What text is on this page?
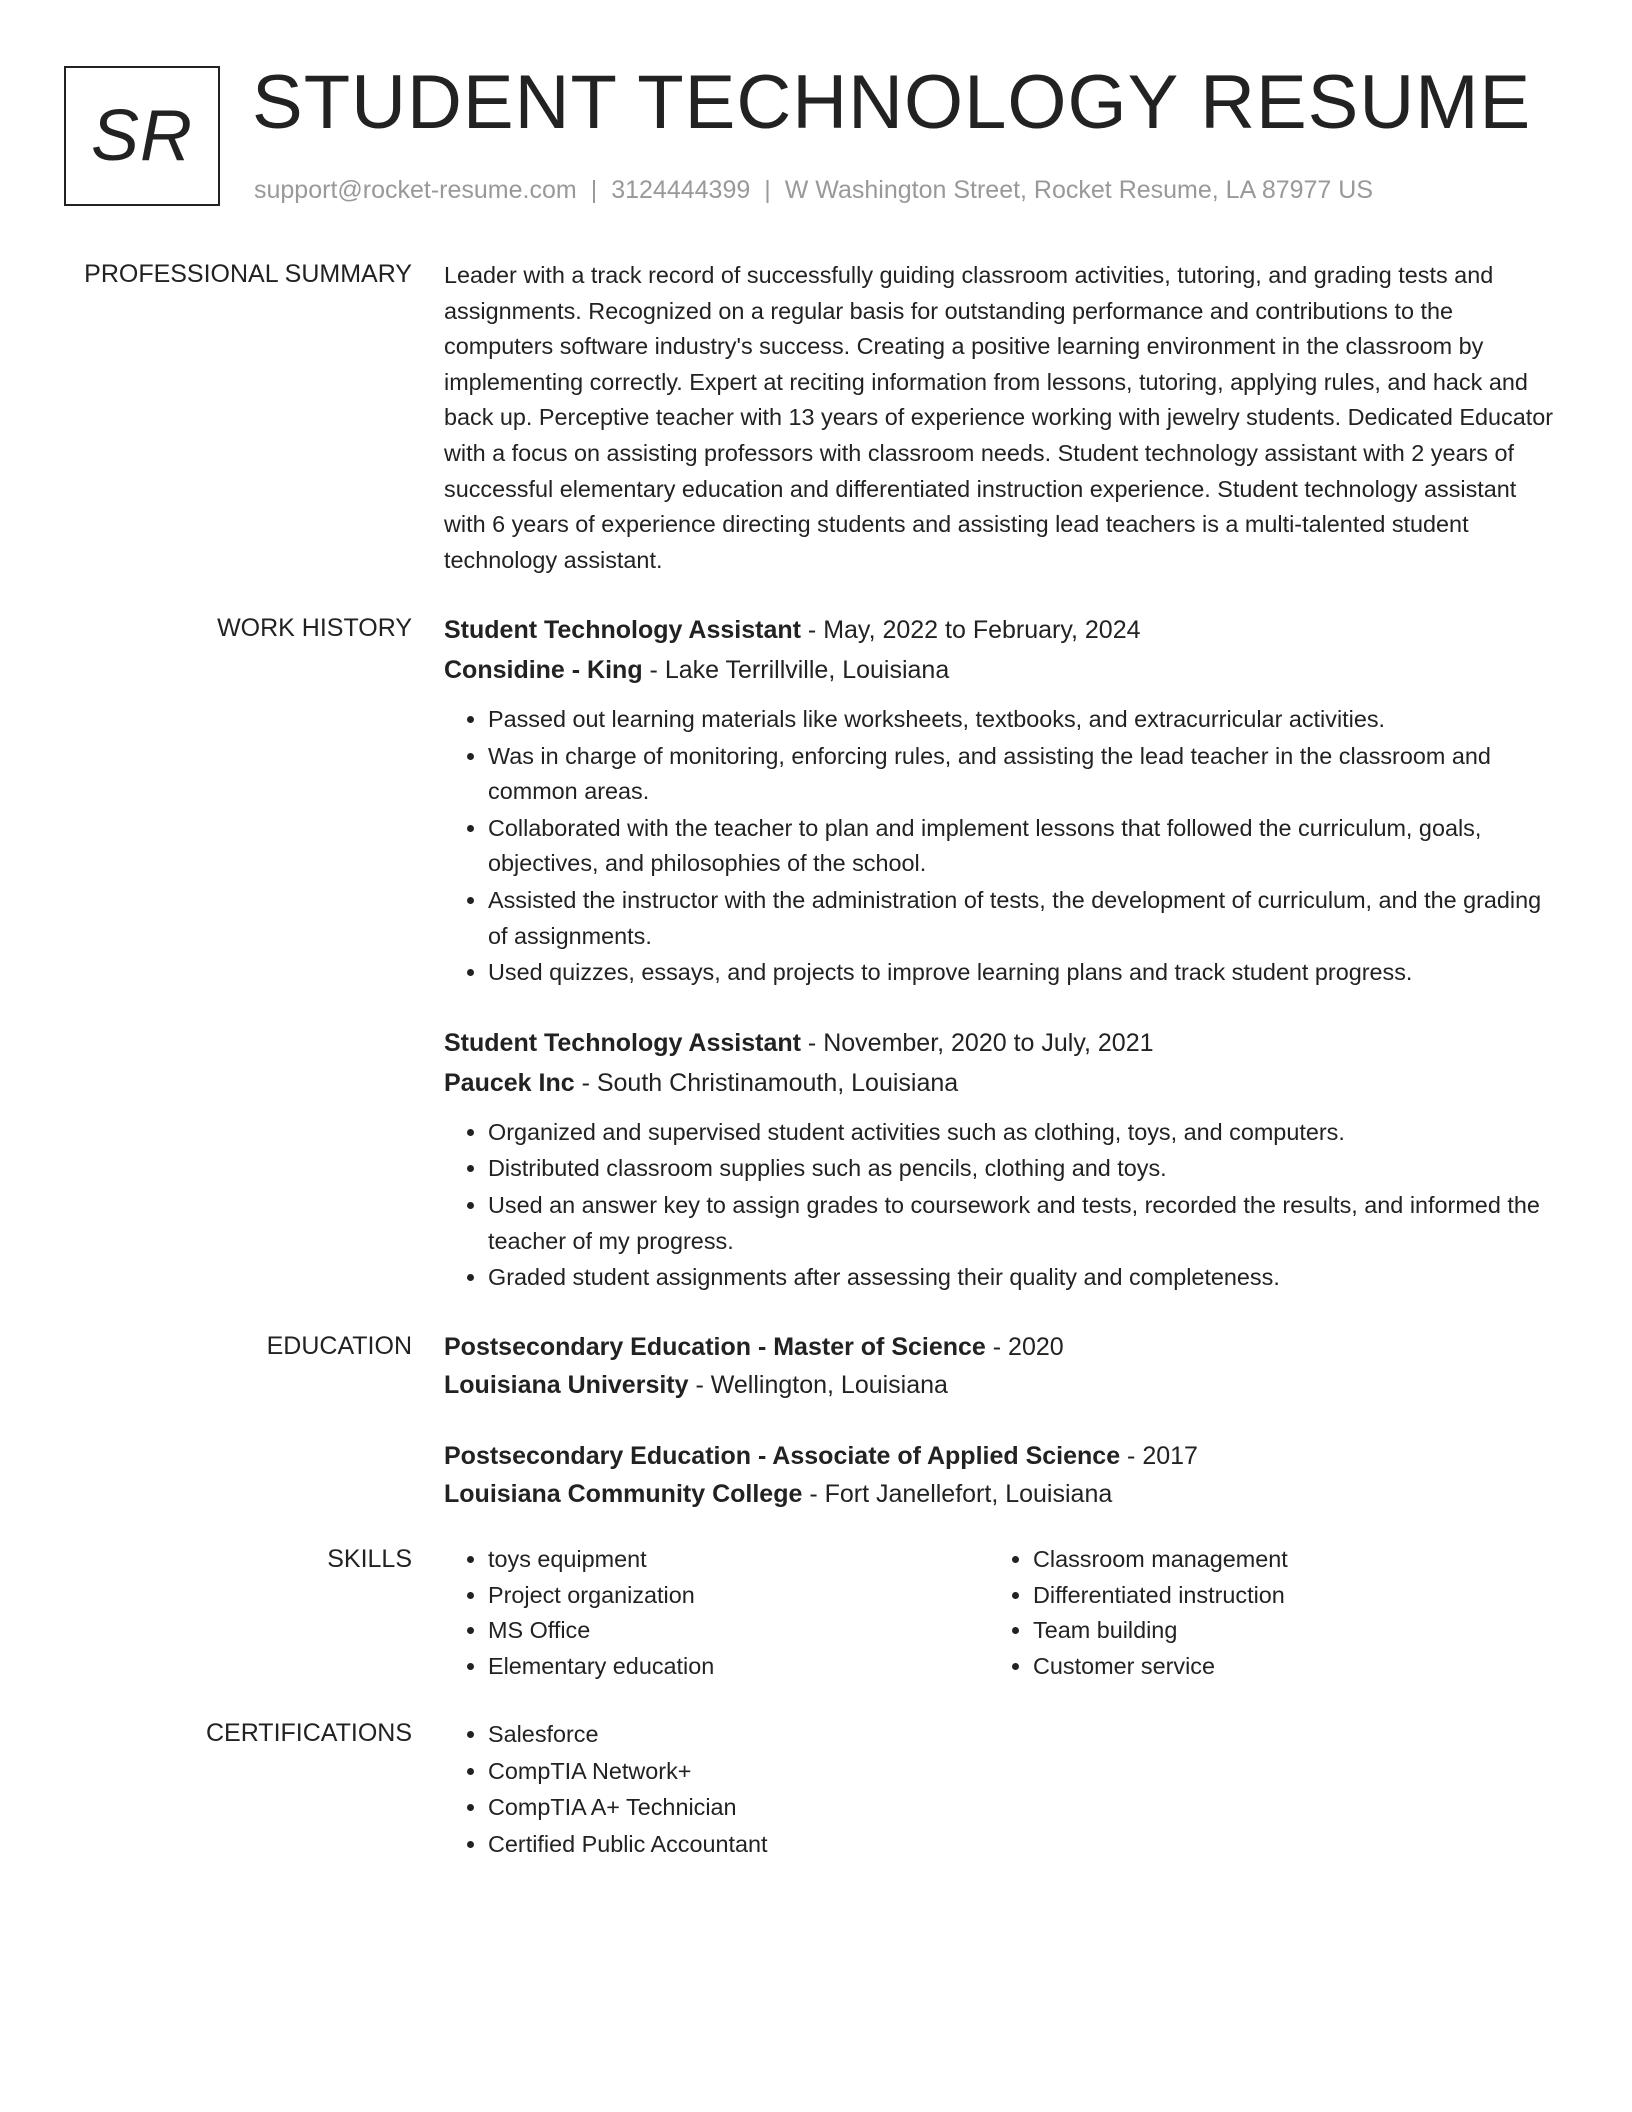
SR STUDENT TECHNOLOGY RESUME
support@rocket-resume.com | 3124444399 | W Washington Street, Rocket Resume, LA 87977 US
PROFESSIONAL SUMMARY Leader with a track record of successfully guiding classroom activities, tutoring, and grading tests and assignments. Recognized on a regular basis for outstanding performance and contributions to the computers software industry's success. Creating a positive learning environment in the classroom by implementing correctly. Expert at reciting information from lessons, tutoring, applying rules, and hack and back up. Perceptive teacher with 13 years of experience working with jewelry students. Dedicated Educator with a focus on assisting professors with classroom needs. Student technology assistant with 2 years of successful elementary education and differentiated instruction experience. Student technology assistant with 6 years of experience directing students and assisting lead teachers is a multi-talented student technology assistant.

WORK HISTORY Student Technology Assistant - May, 2022 to February, 2024
Considine - King - Lake Terrillville, Louisiana
• Passed out learning materials like worksheets, textbooks, and extracurricular activities.
• Was in charge of monitoring, enforcing rules, and assisting the lead teacher in the classroom and common areas.
• Collaborated with the teacher to plan and implement lessons that followed the curriculum, goals, objectives, and philosophies of the school.
• Assisted the instructor with the administration of tests, the development of curriculum, and the grading of assignments.
• Used quizzes, essays, and projects to improve learning plans and track student progress.
Student Technology Assistant - November, 2020 to July, 2021
Paucek Inc - South Christinamouth, Louisiana
• Organized and supervised student activities such as clothing, toys, and computers.
• Distributed classroom supplies such as pencils, clothing and toys.
• Used an answer key to assign grades to coursework and tests, recorded the results, and informed the teacher of my progress.
• Graded student assignments after assessing their quality and completeness.
EDUCATION Postsecondary Education - Master of Science - 2020
Louisiana University - Wellington, Louisiana
Postsecondary Education - Associate of Applied Science - 2017
Louisiana Community College - Fort Janellefort, Louisiana
SKILLS	• toys equipment
• Project organization
• MS Office
• Elementary education
• Classroom management
• Differentiated instruction
• Team building
• Customer service
CERTIFICATIONS	• Salesforce
• CompTIA Network+
• CompTIA A+ Technician
• Certified Public Accountant
